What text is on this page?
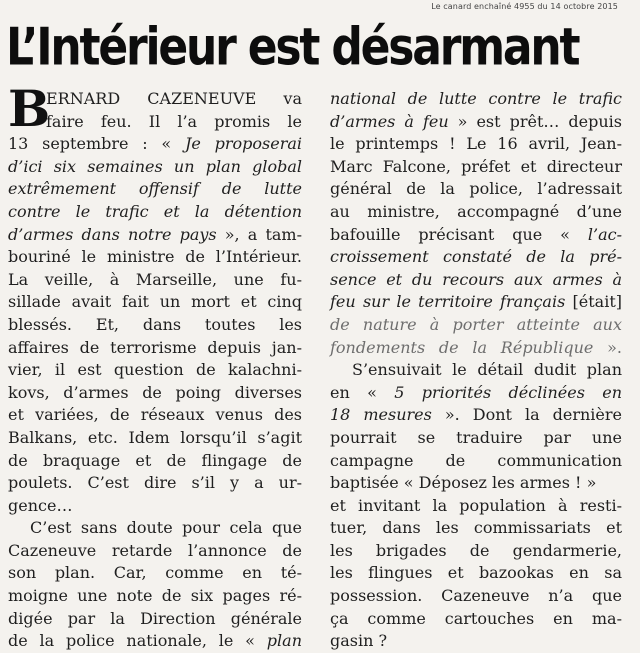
Le canard enchaîné 4955 du 14 octobre 2015
L’Intérieur est désarmant
B
ERNARD CAZENEUVE va
faire feu. Il l’a promis le
13 septembre : « Je proposerai
d’ici six semaines un plan global
extrêmement offensif de lutte
contre le trafic et la détention
d’armes dans notre pays », a tam-
bouriné le ministre de l’Intérieur.
La veille, à Marseille, une fu-
sillade avait fait un mort et cinq
blessés. Et, dans toutes les
affaires de terrorisme depuis jan-
vier, il est question de kalachni-
kovs, d’armes de poing diverses
et variées, de réseaux venus des
Balkans, etc. Idem lorsqu’il s’agit
de braquage et de flingage de
poulets. C’est dire s’il y a ur-
gence…
C’est sans doute pour cela que
Cazeneuve retarde l’annonce de
son plan. Car, comme en té-
moigne une note de six pages ré-
digée par la Direction générale
de la police nationale, le « plan
national de lutte contre le trafic
d’armes à feu » est prêt… depuis
le printemps ! Le 16 avril, Jean-
Marc Falcone, préfet et directeur
général de la police, l’adressait
au ministre, accompagné d’une
bafouille précisant que « l’ac-
croissement constaté de la pré-
sence et du recours aux armes à
feu sur le territoire français [était]
de nature à porter atteinte aux
fondements de la République ».
S’ensuivait le détail dudit plan
en « 5 priorités déclinées en
18 mesures ». Dont la dernière
pourrait se traduire par une
campagne de communication
baptisée « Déposez les armes ! »
et invitant la population à resti-
tuer, dans les commissariats et
les brigades de gendarmerie,
les flingues et bazookas en sa
possession. Cazeneuve n’a que
ça comme cartouches en ma-
gasin ?
